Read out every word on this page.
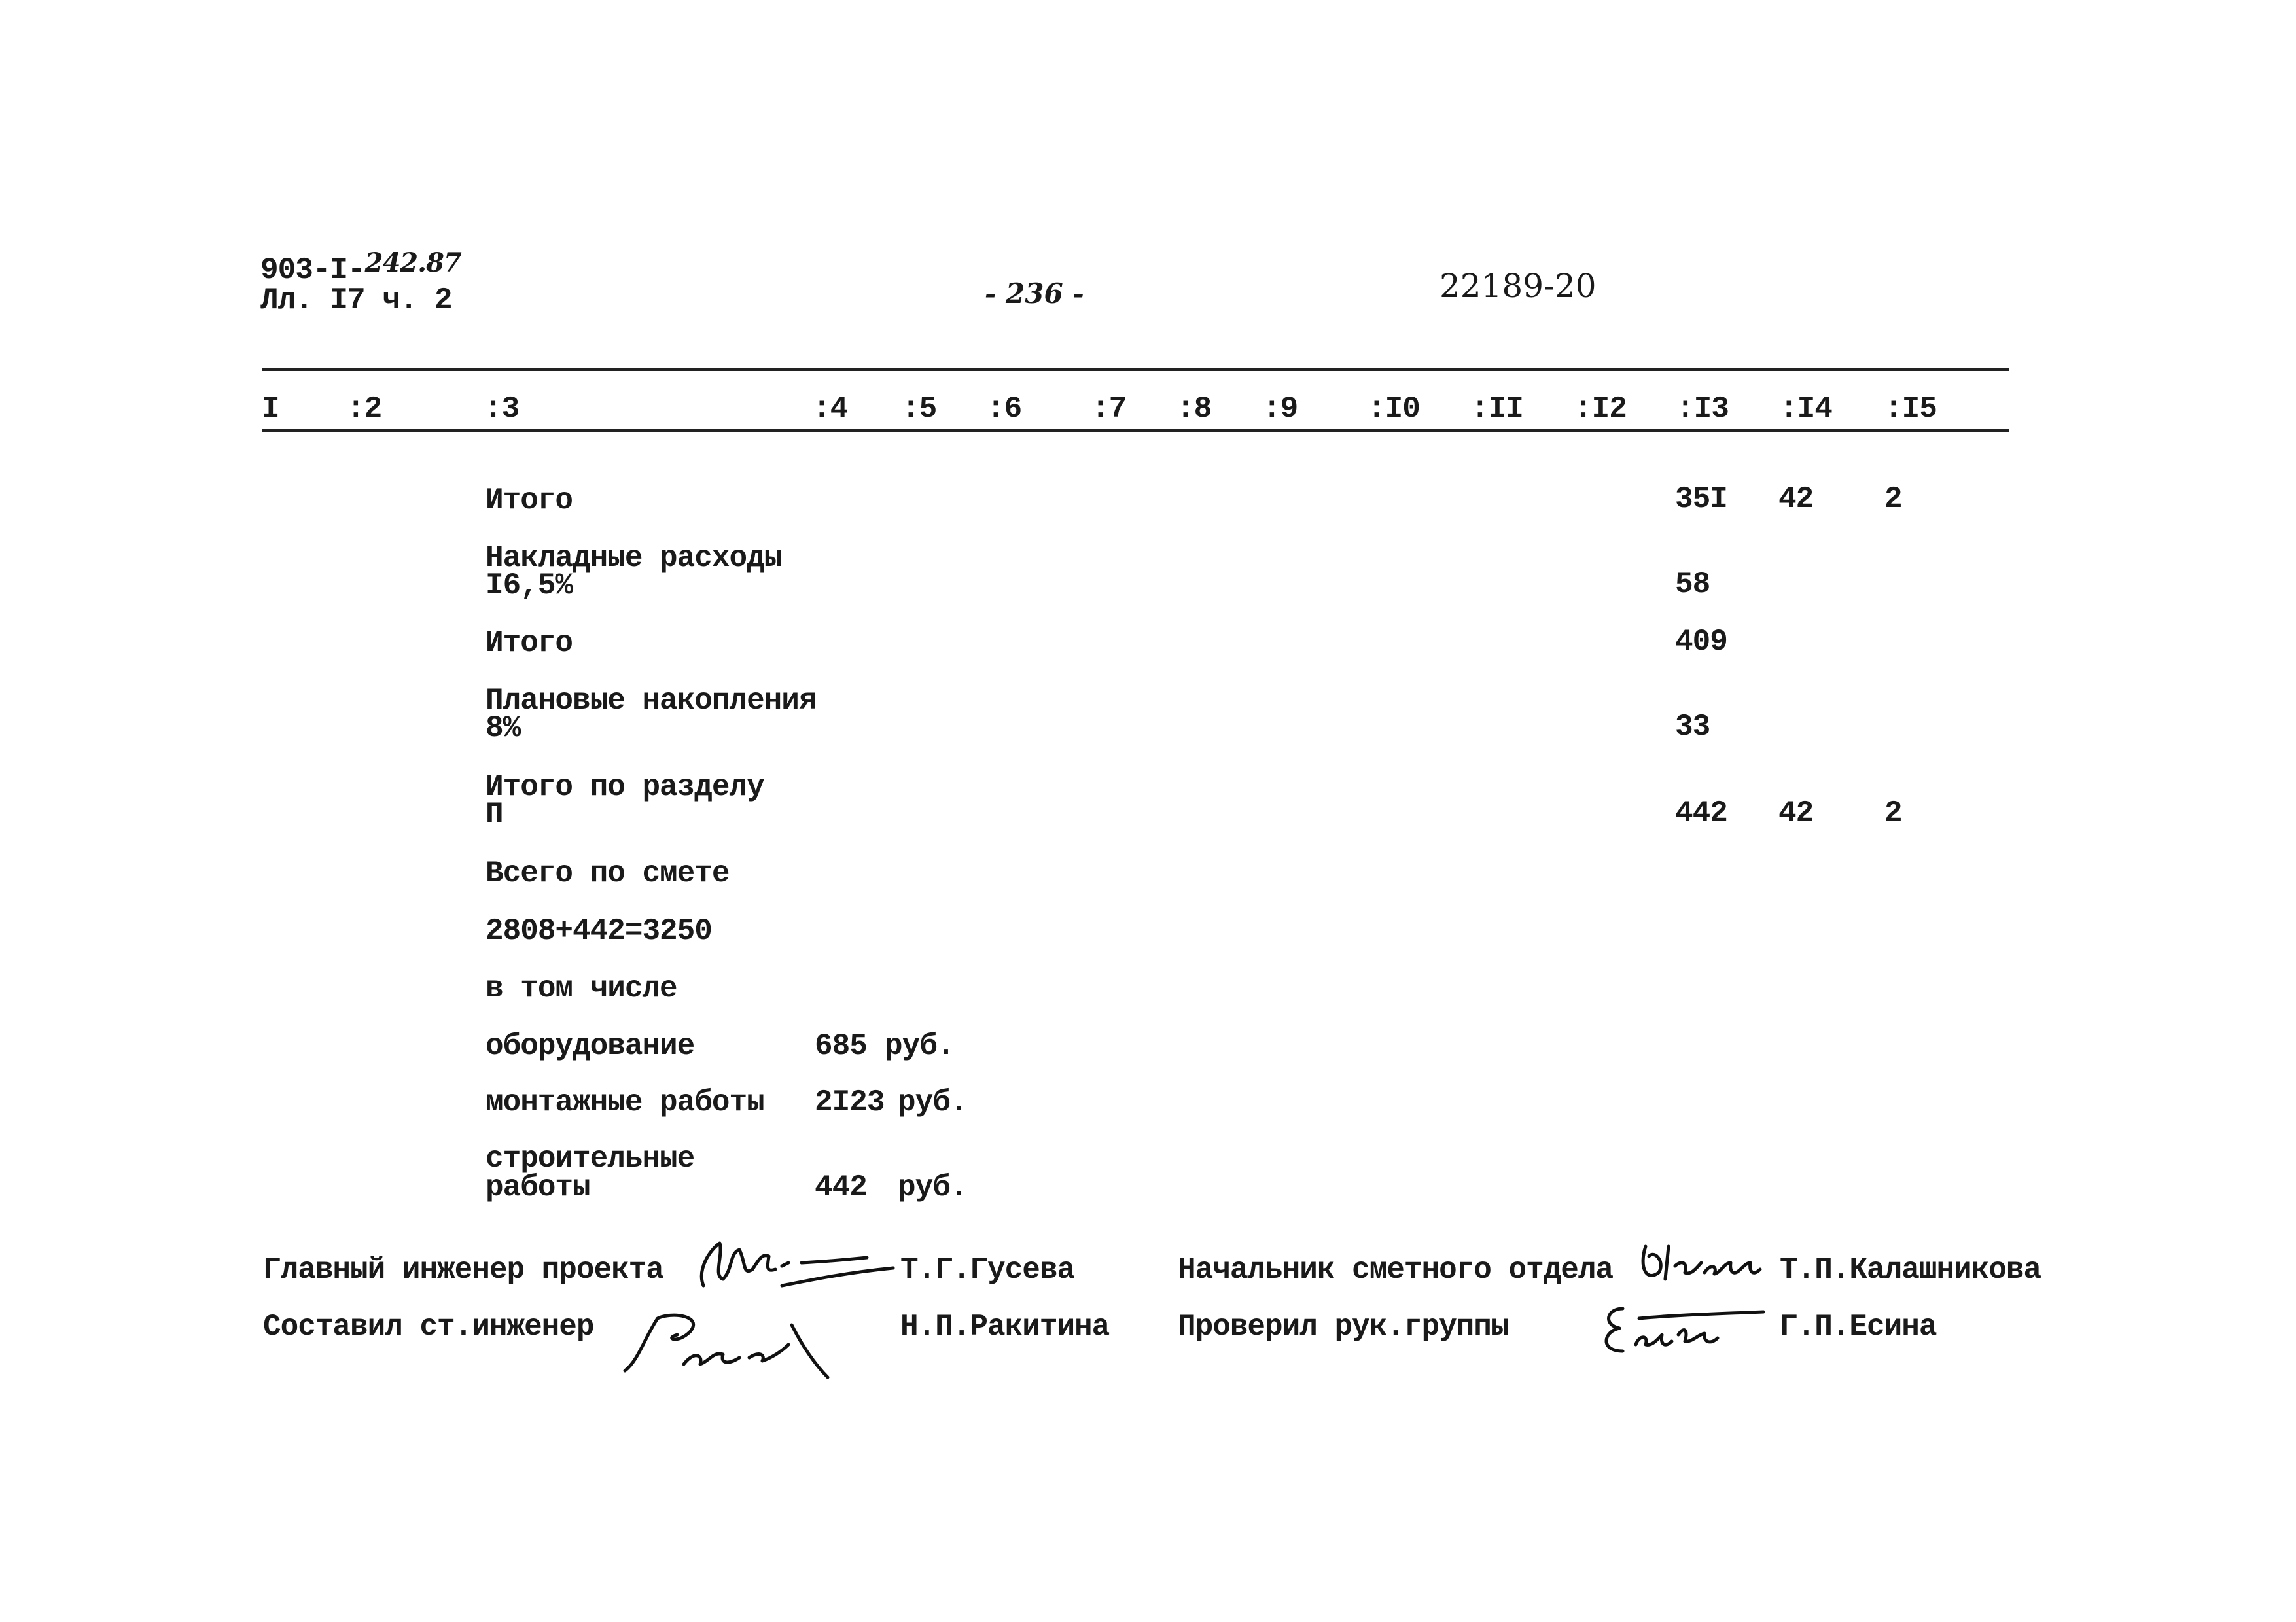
903-I-242.87
Лл. I7 ч. 2	- 236 -	22189-20
I :2	:3	:4 :5 :6 :7 :8 :9 :I0 :II :I2 :I3 :I4 :I5
Итого	35I 42 2
Накладные расходы
I6,5%	58
Итого	409
Плановые накопления
8%	33
Итого по разделу
П	442 42 2
Всего по смете
2808+442=3250
в том числе
оборудование	685 руб.
монтажные работы 2I23 руб.
строительные
работы	442 руб.
Главный инженер проекта	Т.Г.Гусева
Составил ст.инженер	Н.П.Ракитина
Начальник сметного отдела	Т.П.Калашникова
Проверил рук.группы	Г.П.Есина
